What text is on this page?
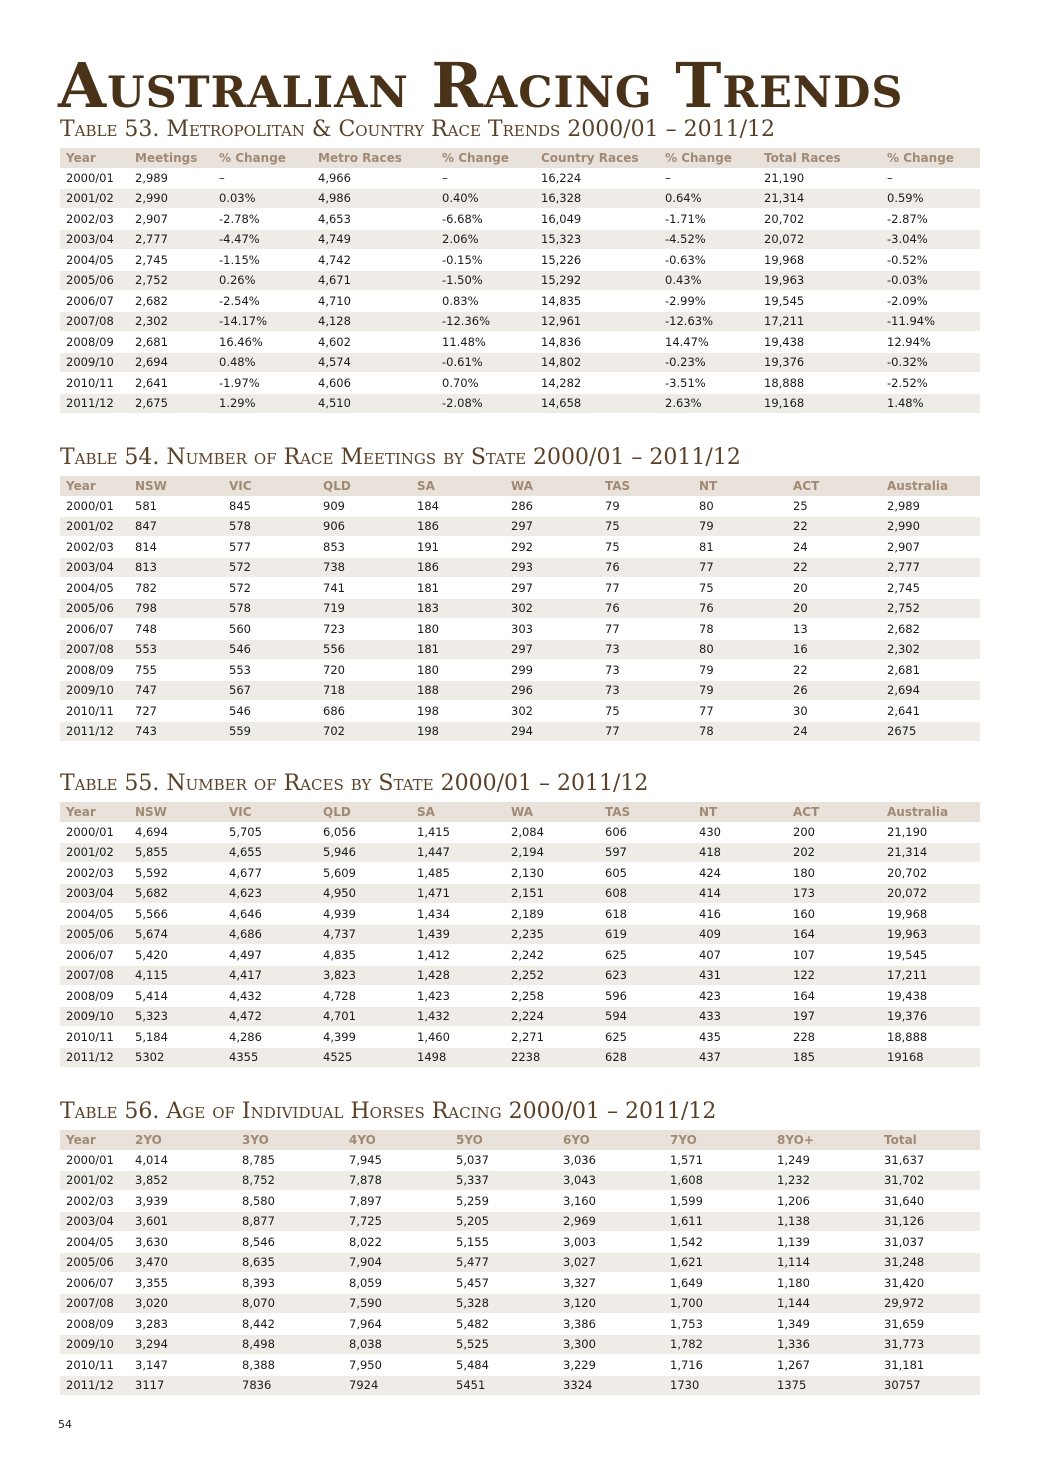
Australian Racing Trends
Table 53. Metropolitan & Country Race Trends 2000/01 – 2011/12
Year	Meetings	% Change	Metro Races	% Change	Country Races	% Change	Total Races	% Change
2000/01	2,989	–	4,966	–	16,224	–	21,190	–
2001/02	2,990	0.03%	4,986	0.40%	16,328	0.64%	21,314	0.59%
2002/03	2,907	-2.78%	4,653	-6.68%	16,049	-1.71%	20,702	-2.87%
2003/04	2,777	-4.47%	4,749	2.06%	15,323	-4.52%	20,072	-3.04%
2004/05	2,745	-1.15%	4,742	-0.15%	15,226	-0.63%	19,968	-0.52%
2005/06	2,752	0.26%	4,671	-1.50%	15,292	0.43%	19,963	-0.03%
2006/07	2,682	-2.54%	4,710	0.83%	14,835	-2.99%	19,545	-2.09%
2007/08	2,302	-14.17%	4,128	-12.36%	12,961	-12.63%	17,211	-11.94%
2008/09	2,681	16.46%	4,602	11.48%	14,836	14.47%	19,438	12.94%
2009/10	2,694	0.48%	4,574	-0.61%	14,802	-0.23%	19,376	-0.32%
2010/11	2,641	-1.97%	4,606	0.70%	14,282	-3.51%	18,888	-2.52%
2011/12	2,675	1.29%	4,510	-2.08%	14,658	2.63%	19,168	1.48%
Table 54. Number of Race Meetings by State 2000/01 – 2011/12
Year	NSW	VIC	QLD	SA	WA	TAS	NT	ACT	Australia
2000/01	581	845	909	184	286	79	80	25	2,989
2001/02	847	578	906	186	297	75	79	22	2,990
2002/03	814	577	853	191	292	75	81	24	2,907
2003/04	813	572	738	186	293	76	77	22	2,777
2004/05	782	572	741	181	297	77	75	20	2,745
2005/06	798	578	719	183	302	76	76	20	2,752
2006/07	748	560	723	180	303	77	78	13	2,682
2007/08	553	546	556	181	297	73	80	16	2,302
2008/09	755	553	720	180	299	73	79	22	2,681
2009/10	747	567	718	188	296	73	79	26	2,694
2010/11	727	546	686	198	302	75	77	30	2,641
2011/12	743	559	702	198	294	77	78	24	2675
Table 55. Number of Races by State 2000/01 – 2011/12
Year	NSW	VIC	QLD	SA	WA	TAS	NT	ACT	Australia
2000/01	4,694	5,705	6,056	1,415	2,084	606	430	200	21,190
2001/02	5,855	4,655	5,946	1,447	2,194	597	418	202	21,314
2002/03	5,592	4,677	5,609	1,485	2,130	605	424	180	20,702
2003/04	5,682	4,623	4,950	1,471	2,151	608	414	173	20,072
2004/05	5,566	4,646	4,939	1,434	2,189	618	416	160	19,968
2005/06	5,674	4,686	4,737	1,439	2,235	619	409	164	19,963
2006/07	5,420	4,497	4,835	1,412	2,242	625	407	107	19,545
2007/08	4,115	4,417	3,823	1,428	2,252	623	431	122	17,211
2008/09	5,414	4,432	4,728	1,423	2,258	596	423	164	19,438
2009/10	5,323	4,472	4,701	1,432	2,224	594	433	197	19,376
2010/11	5,184	4,286	4,399	1,460	2,271	625	435	228	18,888
2011/12	5302	4355	4525	1498	2238	628	437	185	19168
Table 56. Age of Individual Horses Racing 2000/01 – 2011/12
Year	2YO	3YO	4YO	5YO	6YO	7YO	8YO+	Total
2000/01	4,014	8,785	7,945	5,037	3,036	1,571	1,249	31,637
2001/02	3,852	8,752	7,878	5,337	3,043	1,608	1,232	31,702
2002/03	3,939	8,580	7,897	5,259	3,160	1,599	1,206	31,640
2003/04	3,601	8,877	7,725	5,205	2,969	1,611	1,138	31,126
2004/05	3,630	8,546	8,022	5,155	3,003	1,542	1,139	31,037
2005/06	3,470	8,635	7,904	5,477	3,027	1,621	1,114	31,248
2006/07	3,355	8,393	8,059	5,457	3,327	1,649	1,180	31,420
2007/08	3,020	8,070	7,590	5,328	3,120	1,700	1,144	29,972
2008/09	3,283	8,442	7,964	5,482	3,386	1,753	1,349	31,659
2009/10	3,294	8,498	8,038	5,525	3,300	1,782	1,336	31,773
2010/11	3,147	8,388	7,950	5,484	3,229	1,716	1,267	31,181
2011/12	3117	7836	7924	5451	3324	1730	1375	30757
54
